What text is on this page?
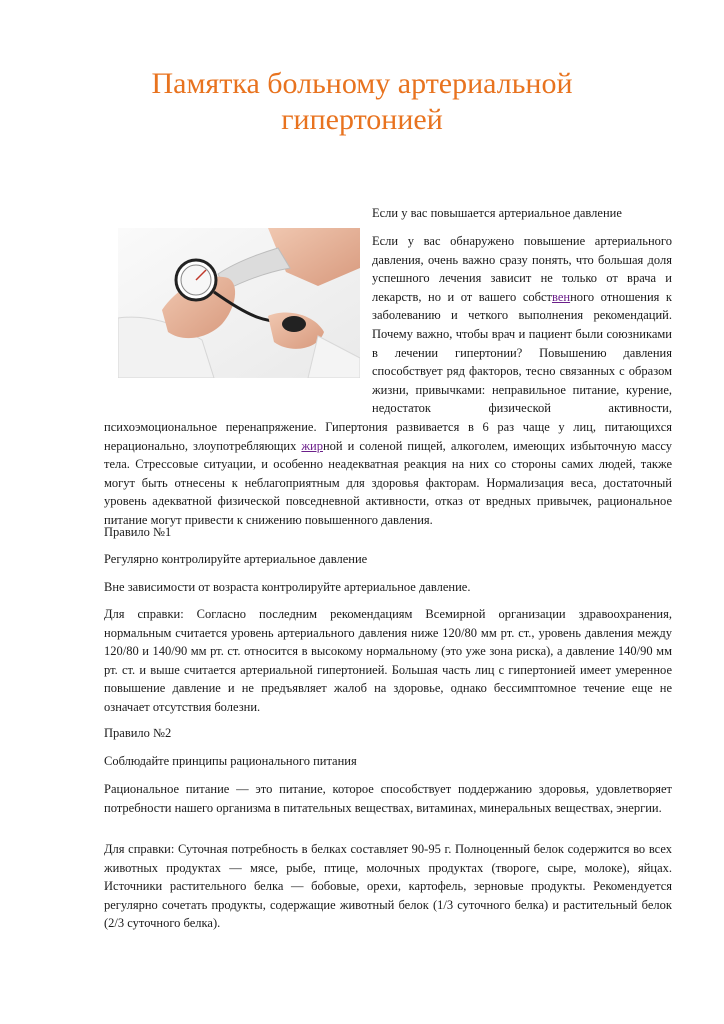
Памятка больному артериальной гипертонией

Если у вас повышается артериальное давление

Если у вас обнаружено повышение артериального давления, очень важно сразу понять, что большая доля успешного лечения зависит не только от врача и лекарств, но и от вашего собственного отношения к заболеванию и четкого выполнения рекомендаций. Почему важно, чтобы врач и пациент были союзниками в лечении гипертонии? Повышению давления способствует ряд факторов, тесно связанных с образом жизни, привычками: неправильное питание, курение, недостаток физической активности, психоэмоциональное перенапряжение. Гипертония развивается в 6 раз чаще у лиц, питающихся нерационально, злоупотребляющих жирной и соленой пищей, алкоголем, имеющих избыточную массу тела. Стрессовые ситуации, и особенно неадекватная реакция на них со стороны самих людей, также могут быть отнесены к неблагоприятным для здоровья факторам. Нормализация веса, достаточный уровень адекватной физической повседневной активности, отказ от вредных привычек, рациональное питание могут привести к снижению повышенного давления.

Правило №1

Регулярно контролируйте артериальное давление

Вне зависимости от возраста контролируйте артериальное давление.

Для справки: Согласно последним рекомендациям Всемирной организации здравоохранения, нормальным считается уровень артериального давления ниже 120/80 мм рт. ст., уровень давления между 120/80 и 140/90 мм рт. ст. относится в высокому нормальному (это уже зона риска), а давление 140/90 мм рт. ст. и выше считается артериальной гипертонией. Большая часть лиц с гипертонией имеет умеренное повышение давление и не предъявляет жалоб на здоровье, однако бессимптомное течение еще не означает отсутствия болезни.

Правило №2

Соблюдайте принципы рационального питания

Рациональное питание — это питание, которое способствует поддержанию здоровья, удовлетворяет потребности нашего организма в питательных веществах, витаминах, минеральных веществах, энергии.

Для справки: Суточная потребность в белках составляет 90-95 г. Полноценный белок содержится во всех животных продуктах — мясе, рыбе, птице, молочных продуктах (твороге, сыре, молоке), яйцах. Источники растительного белка — бобовые, орехи, картофель, зерновые продукты. Рекомендуется регулярно сочетать продукты, содержащие животный белок (1/3 суточного белка) и растительный белок (2/3 суточного белка).
